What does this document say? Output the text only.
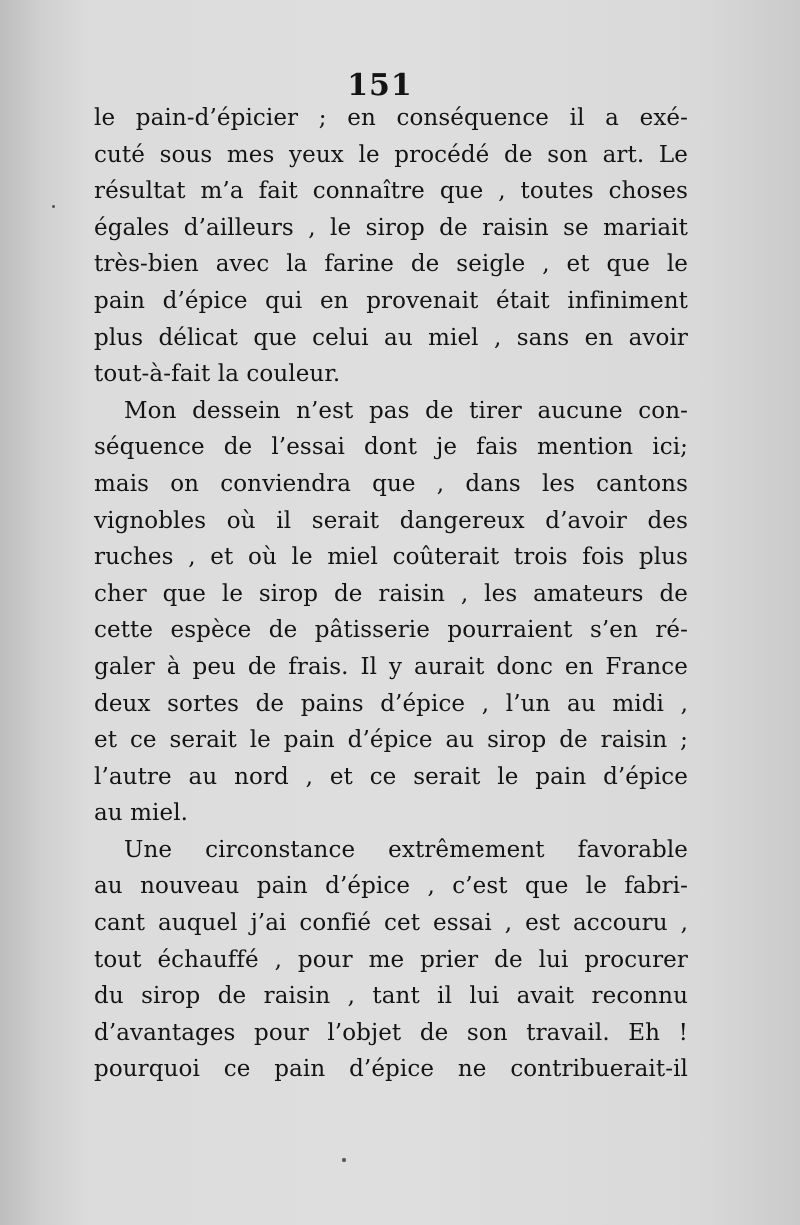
151
le pain-d’épicier ; en conséquence il a exé-
cuté sous mes yeux le procédé de son art. Le
résultat m’a fait connaître que , toutes choses
égales d’ailleurs , le sirop de raisin se mariait
très-bien avec la farine de seigle , et que le
pain d’épice qui en provenait était infiniment
plus délicat que celui au miel , sans en avoir
tout-à-fait la couleur.
Mon dessein n’est pas de tirer aucune con-
séquence de l’essai dont je fais mention ici;
mais on conviendra que , dans les cantons
vignobles où il serait dangereux d’avoir des
ruches , et où le miel coûterait trois fois plus
cher que le sirop de raisin , les amateurs de
cette espèce de pâtisserie pourraient s’en ré-
galer à peu de frais. Il y aurait donc en France
deux sortes de pains d’épice , l’un au midi ,
et ce serait le pain d’épice au sirop de raisin ;
l’autre au nord , et ce serait le pain d’épice
au miel.
Une circonstance extrêmement favorable
au nouveau pain d’épice , c’est que le fabri-
cant auquel j’ai confié cet essai , est accouru ,
tout échauffé , pour me prier de lui procurer
du sirop de raisin , tant il lui avait reconnu
d’avantages pour l’objet de son travail. Eh !
pourquoi ce pain d’épice ne contribuerait-il
